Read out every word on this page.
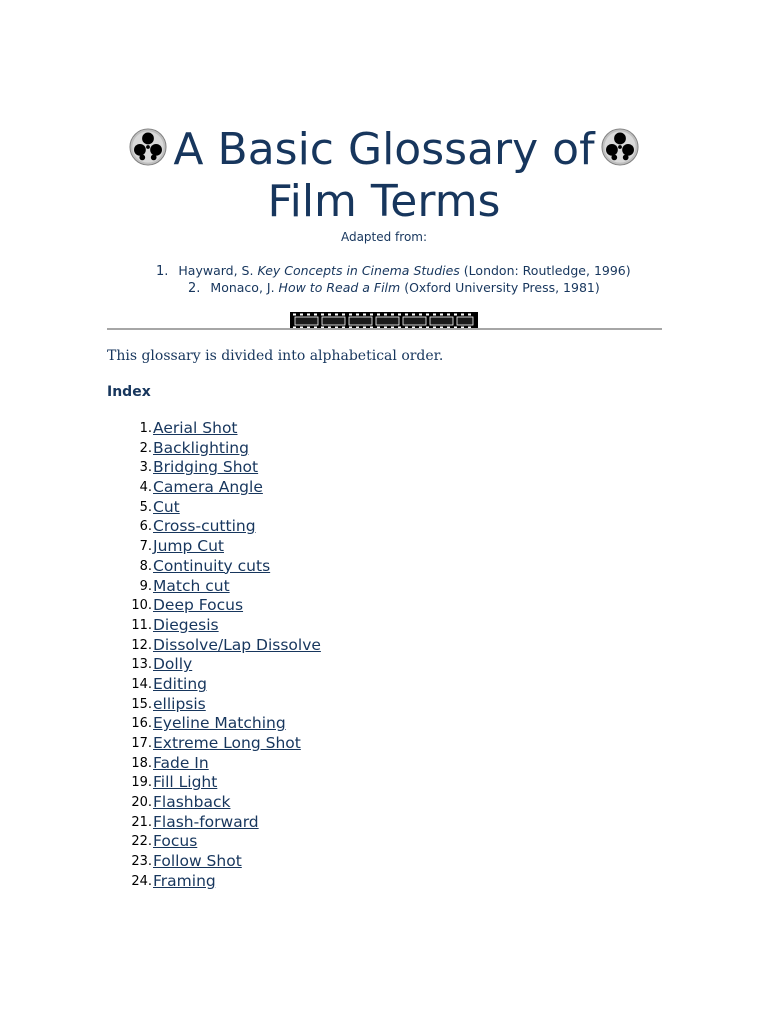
A Basic Glossary of
Film Terms
Adapted from:
1. Hayward, S. Key Concepts in Cinema Studies (London: Routledge, 1996)
2. Monaco, J. How to Read a Film (Oxford University Press, 1981)
This glossary is divided into alphabetical order.
Index
1.Aerial Shot
2.Backlighting
3.Bridging Shot
4.Camera Angle
5.Cut
6.Cross-cutting
7.Jump Cut
8.Continuity cuts
9.Match cut
10.Deep Focus
11.Diegesis
12.Dissolve/Lap Dissolve
13.Dolly
14.Editing
15.ellipsis
16.Eyeline Matching
17.Extreme Long Shot
18.Fade In
19.Fill Light
20.Flashback
21.Flash-forward
22.Focus
23.Follow Shot
24.Framing
